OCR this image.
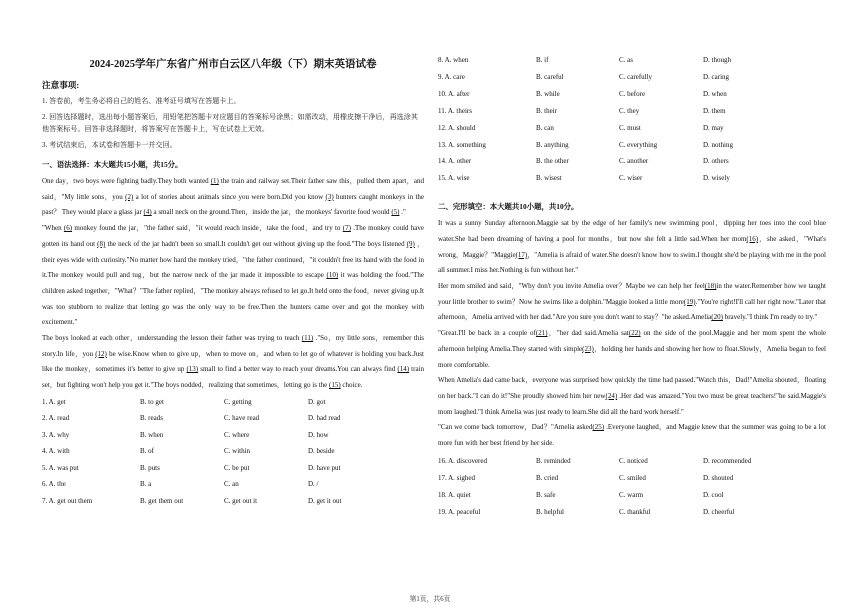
2024-2025学年广东省广州市白云区八年级（下）期末英语试卷
注意事项:
1. 答卷前，考生务必将自己的姓名、准考证号填写在答题卡上。
2. 回答选择题时，选出每小题答案后，用铅笔把答题卡对应题目的答案标号涂黑；如需改动，用橡皮擦干净后，再选涂其他答案标号。回答非选择题时，将答案写在答题卡上，写在试卷上无效。
3. 考试结束后，本试卷和答题卡一并交回。
一、语法选择：本大题共15小题，共15分。
One day，two boys were fighting badly.They both wanted (1) the train and railway set.Their father saw this，pulled them apart，and said，"My little sons，you (2) a lot of stories about animals since you were born.Did you know (3) hunters caught monkeys in the past？ They would place a glass jar (4) a small neck on the ground.Then，inside the jar，the monkeys' favorite food would (5) ."
"When (6) monkey found the jar，"the father said，"it would reach inside，take the food，and try to (7) .The monkey could have gotten its hand out (8) the neck of the jar hadn't been so small.It couldn't get out without giving up the food."The boys listened (9) ，their eyes wide with curiosity."No matter how hard the monkey tried，"the father continued，"it couldn't free its hand with the food in it.The monkey would pull and tug，but the narrow neck of the jar made it impossible to escape (10) it was holding the food."The children asked together，"What？"The father replied，"The monkey always refused to let go.It held onto the food，never giving up.It was too stubborn to realize that letting go was the only way to be free.Then the hunters came over and got the monkey with excitement."
The boys looked at each other，understanding the lesson their father was trying to teach (11) ."So，my little sons，remember this story.In life，you (12) be wise.Know when to give up，when to move on，and when to let go of whatever is holding you back.Just like the monkey，sometimes it's better to give up (13) small to find a better way to reach your dreams.You can always find (14) train set，but fighting won't help you get it."The boys nodded，realizing that sometimes，letting go is the (15) choice.
1. A. get	B. to get	C. getting	D. got
2. A. read	B. reads	C. have read	D. had read
3. A. why	B. when	C. where	D. how
4. A. with	B. of	C. within	D. beside
5. A. was put	B. puts	C. be put	D. have put
6. A. the	B. a	C. an	D. /
7. A. get out them	B. get them out	C. get out it	D. get it out
8. A. when	B. if	C. as	D. though
9. A. care	B. careful	C. carefully	D. caring
10. A. after	B. while	C. before	D. when
11. A. theirs	B. their	C. they	D. them
12. A. should	B. can	C. must	D. may
13. A. something	B. anything	C. everything	D. nothing
14. A. other	B. the other	C. another	D. others
15. A. wise	B. wisest	C. wiser	D. wisely
二、完形填空：本大题共10小题，共10分。
It was a sunny Sunday afternoon.Maggie sat by the edge of her family's new swimming pool，dipping her toes into the cool blue water.She had been dreaming of having a pool for months，but now she felt a little sad.When her mom(16)，she asked，"What's wrong，Maggie？"Maggie(17)，"Amelia is afraid of water.She doesn't know how to swim.I thought she'd be playing with me in the pool all summer.I miss her.Nothing is fun without her."
Her mom smiled and said，"Why don't you invite Amelia over？Maybe we can help her feel(18)in the water.Remember how we taught your little brother to swim？Now he swims like a dolphin."Maggie looked a little more(19)."You're right!I'll call her right now."Later that afternoon，Amelia arrived with her dad."Are you sure you don't want to stay？"he asked.Amelia(20) bravely."I think I'm ready to try."
"Great.I'll be back in a couple of(21)，"her dad said.Amelia sat(22) on the side of the pool.Maggie and her mom spent the whole afternoon helping Amelia.They started with simple(23)，holding her hands and showing her how to float.Slowly，Amelia began to feel more comfortable.
When Amelia's dad came back，everyone was surprised how quickly the time had passed."Watch this，Dad!"Amelia shouted，floating on her back."I can do it!"She proudly showed him her new(24) .Her dad was amazed."You two must be great teachers!"he said.Maggie's mom laughed."I think Amelia was just ready to learn.She did all the hard work herself."
"Can we come back tomorrow，Dad？"Amelia asked(25) .Everyone laughed，and Maggie knew that the summer was going to be a lot more fun with her best friend by her side.
16. A. discovered	B. reminded	C. noticed	D. recommended
17. A. sighed	B. cried	C. smiled	D. shouted
18. A. quiet	B. safe	C. warm	D. cool
19. A. peaceful	B. helpful	C. thankful	D. cheerful
第1页，共6页
